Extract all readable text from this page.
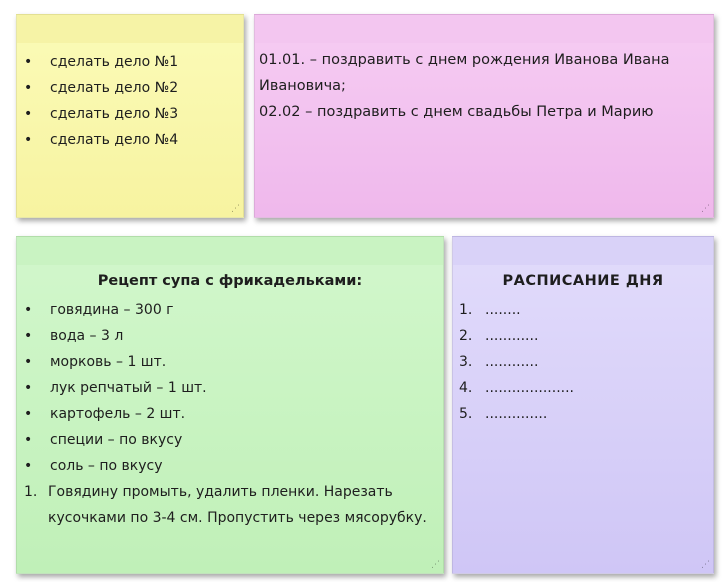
• сделать дело №1
• сделать дело №2
• сделать дело №3
• сделать дело №4
⋰

01.01. – поздравить с днем рождения Иванова Ивана Ивановича;

02.02 – поздравить с днем свадьбы Петра и Марию

⋰
Рецепт супа с фрикадельками:
• говядина – 300 г
• вода – 3 л
• морковь – 1 шт.
• лук репчатый – 1 шт.
• картофель – 2 шт.
• специи – по вкусу
• соль – по вкусу
1. Говядину промыть, удалить пленки. Нарезать кусочками по 3-4 см. Пропустить через мясорубку.
⋰
РАСПИСАНИЕ ДНЯ
1. ........
2. ............
3. ............
4. ....................
5. ..............
⋰
